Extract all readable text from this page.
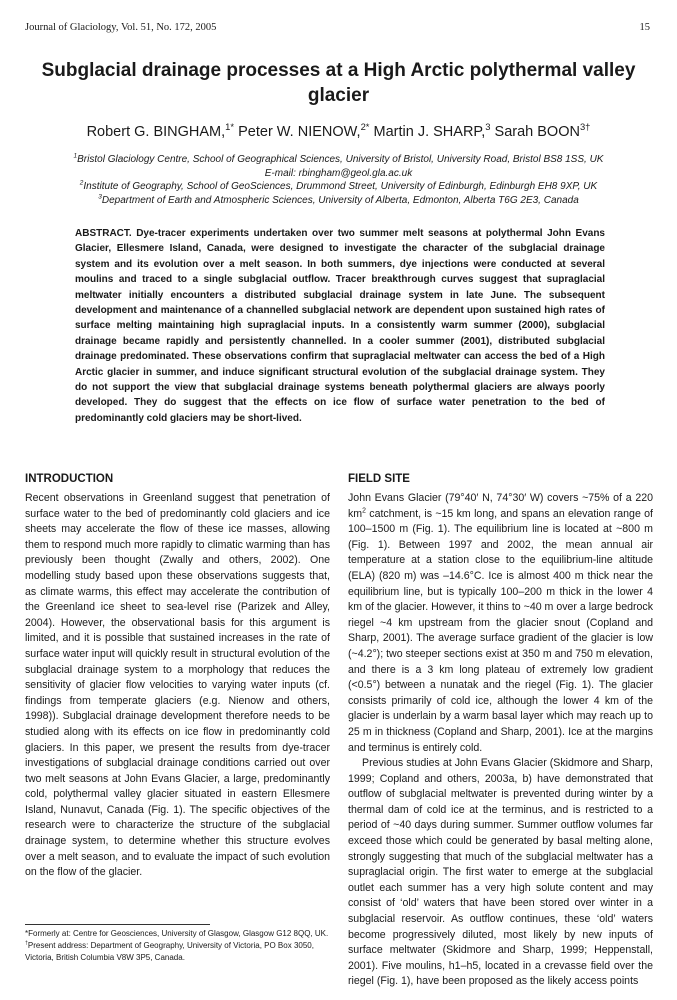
Journal of Glaciology, Vol. 51, No. 172, 2005	15
Subglacial drainage processes at a High Arctic polythermal valley glacier
Robert G. BINGHAM,$^{1*}$ Peter W. NIENOW,$^{2*}$ Martin J. SHARP,$^3$ Sarah $BOON^{3\dagger}$
$^1$Bristol Glaciology Centre, School of Geographical Sciences, University of Bristol, University Road, Bristol BS8 1SS, UK
E-mail: rbingham@geol.gla.ac.uk
$^2$Institute of Geography, School of GeoSciences, Drummond Street, University of Edinburgh, Edinburgh EH8 9XP, UK
$^3$Department of Earth and Atmospheric Sciences, University of Alberta, Edmonton, Alberta T6G 2E3, Canada
ABSTRACT. Dye-tracer experiments undertaken over two summer melt seasons at polythermal John Evans Glacier, Ellesmere Island, Canada, were designed to investigate the character of the subglacial drainage system and its evolution over a melt season. In both summers, dye injections were conducted at several moulins and traced to a single subglacial outflow. Tracer breakthrough curves suggest that supraglacial meltwater initially encounters a distributed subglacial drainage system in late June. The subsequent development and maintenance of a channelled subglacial network are dependent upon sustained high rates of surface melting maintaining high supraglacial inputs. In a consistently warm summer (2000), subglacial drainage became rapidly and persistently channelled. In a cooler summer (2001), distributed subglacial drainage predominated. These observations confirm that supraglacial meltwater can access the bed of a High Arctic glacier in summer, and induce significant structural evolution of the subglacial drainage system. They do not support the view that subglacial drainage systems beneath polythermal glaciers are always poorly developed. They do suggest that the effects on ice flow of surface water penetration to the bed of predominantly cold glaciers may be short-lived.
INTRODUCTION

Recent observations in Greenland suggest that penetration of surface water to the bed of predominantly cold glaciers and ice sheets may accelerate the flow of these ice masses, allowing them to respond much more rapidly to climatic warming than has previously been thought (Zwally and others, 2002). One modelling study based upon these observations suggests that, as climate warms, this effect may accelerate the contribution of the Greenland ice sheet to sea-level rise (Parizek and Alley, 2004). However, the observational basis for this argument is limited, and it is possible that sustained increases in the rate of surface water input will quickly result in structural evolution of the subglacial drainage system to a morphology that reduces the sensitivity of glacier flow velocities to varying water inputs (cf. findings from temperate glaciers (e.g. Nienow and others, 1998)). Subglacial drainage development therefore needs to be studied along with its effects on ice flow in predominantly cold glaciers. In this paper, we present the results from dye-tracer investigations of subglacial drainage conditions carried out over two melt seasons at John Evans Glacier, a large, predominantly cold, polythermal valley glacier situated in eastern Ellesmere Island, Nunavut, Canada (Fig. 1). The specific objectives of the research were to characterize the structure of the subglacial drainage system, to determine whether this structure evolves over a melt season, and to evaluate the impact of such evolution on the flow of the glacier.

FIELD SITE

John Evans Glacier (79°40′ N, 74°30′ W) covers ~75% of a 220 $km^2$ catchment, is ~15 km long, and spans an elevation range of 100–1500 m (Fig. 1). The equilibrium line is located at ~800 m (Fig. 1). Between 1997 and 2002, the mean annual air temperature at a station close to the equilibrium-line altitude (ELA) (820 m) was –14.6°C. Ice is almost 400 m thick near the equilibrium line, but is typically 100–200 m thick in the lower 4 km of the glacier. However, it thins to ~40 m over a large bedrock riegel ~4 km upstream from the glacier snout (Copland and Sharp, 2001). The average surface gradient of the glacier is low (~4.2°); two steeper sections exist at 350 m and 750 m elevation, and there is a 3 km long plateau of extremely low gradient (<0.5°) between a nunatak and the riegel (Fig. 1). The glacier consists primarily of cold ice, although the lower 4 km of the glacier is underlain by a warm basal layer which may reach up to 25 m in thickness (Copland and Sharp, 2001). Ice at the margins and terminus is entirely cold.

Previous studies at John Evans Glacier (Skidmore and Sharp, 1999; Copland and others, 2003a, b) have demonstrated that outflow of subglacial meltwater is prevented during winter by a thermal dam of cold ice at the terminus, and is restricted to a period of ~40 days during summer. Summer outflow volumes far exceed those which could be generated by basal melting alone, strongly suggesting that much of the subglacial meltwater has a supraglacial origin. The first water to emerge at the subglacial outlet each summer has a very high solute content and may consist of ‘old’ waters that have been stored over winter in a subglacial reservoir. As outflow continues, these ‘old’ waters become progressively diluted, most likely by new inputs of surface meltwater (Skidmore and Sharp, 1999; Heppenstall, 2001). Five moulins, h1–h5, located in a crevasse field over the riegel (Fig. 1), have been proposed as the likely access points

*Formerly at: Centre for Geosciences, University of Glasgow, Glasgow G12 8QQ, UK.
†Present address: Department of Geography, University of Victoria, PO Box 3050, Victoria, British Columbia V8W 3P5, Canada.
